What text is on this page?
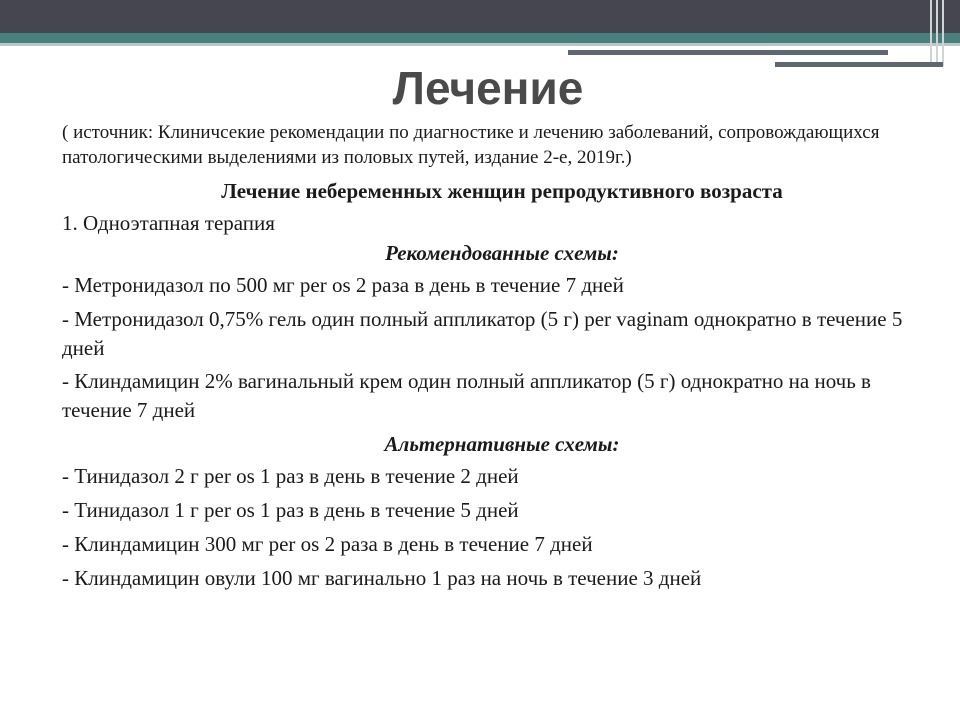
Лечение

( источник: Клиничсекие рекомендации по диагностике и лечению заболеваний, сопровождающихся патологическими выделениями из половых путей, издание 2-е, 2019г.)

Лечение небеременных женщин репродуктивного возраста

1. Одноэтапная терапия

Рекомендованные схемы:

- Метронидазол по 500 мг per os 2 раза в день в течение 7 дней

- Метронидазол 0,75% гель один полный аппликатор (5 г) per vaginam однократно в течение 5 дней

- Клиндамицин 2% вагинальный крем один полный аппликатор (5 г) однократно на ночь в течение 7 дней

Альтернативные схемы:

- Тинидазол 2 г per os 1 раз в день в течение 2 дней

- Тинидазол 1 г per os 1 раз в день в течение 5 дней

- Клиндамицин 300 мг per os 2 раза в день в течение 7 дней

- Клиндамицин овули 100 мг вагинально 1 раз на ночь в течение 3 дней
